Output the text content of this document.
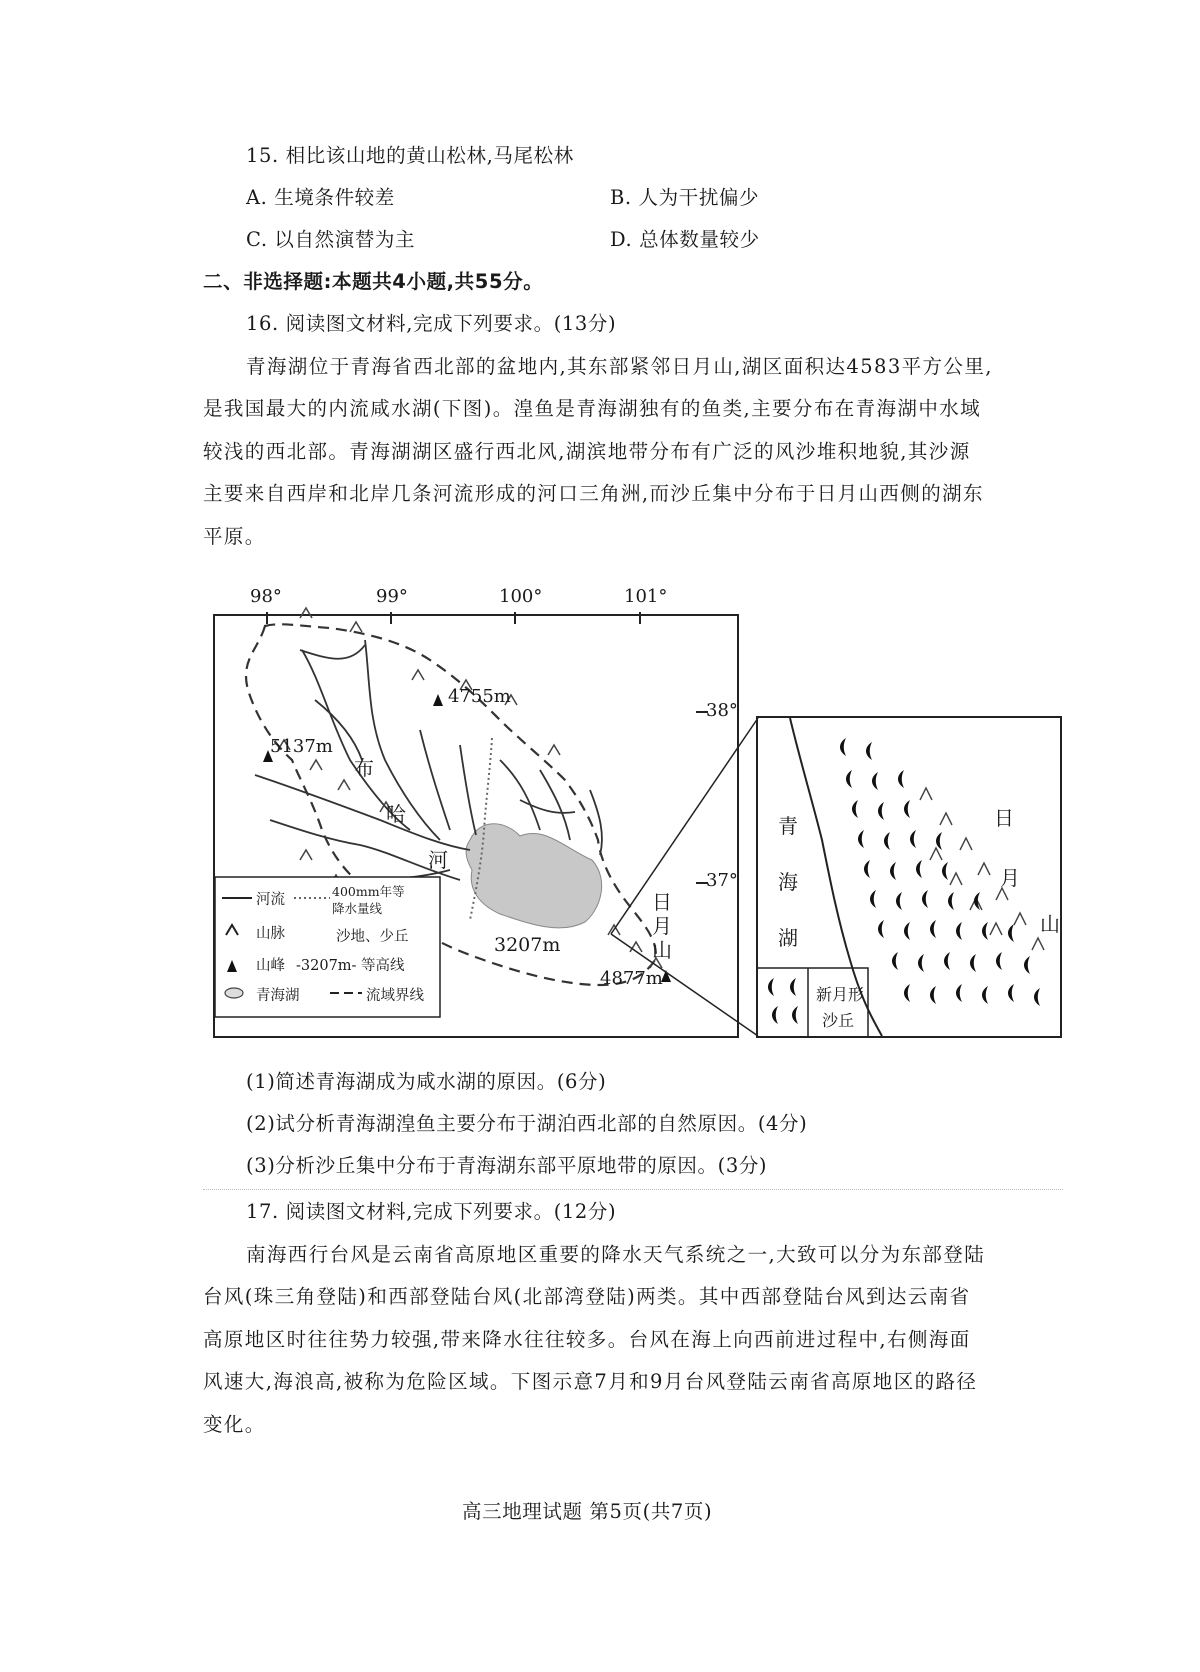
15. 相比该山地的黄山松林,马尾松林
A. 生境条件较差	B. 人为干扰偏少
C. 以自然演替为主	D. 总体数量较少
二、非选择题:本题共4小题,共55分。
16. 阅读图文材料,完成下列要求。(13分)
青海湖位于青海省西北部的盆地内,其东部紧邻日月山,湖区面积达4583平方公里,
是我国最大的内流咸水湖(下图)。湟鱼是青海湖独有的鱼类,主要分布在青海湖中水域
较浅的西北部。青海湖湖区盛行西北风,湖滨地带分布有广泛的风沙堆积地貌,其沙源
主要来自西岸和北岸几条河流形成的河口三角洲,而沙丘集中分布于日月山西侧的湖东
平原。
98°	99°	100°	101°
38°
37°
4755m
5137m
4877m
3207m
布
哈
河
日
月
山
河流
400mm年等
降水量线
山脉	沙地、少丘
山峰 -3207m- 等高线
青海湖	流域界线
青
海
湖
日
月
山
新月形
沙丘
(1)简述青海湖成为咸水湖的原因。(6分)
(2)试分析青海湖湟鱼主要分布于湖泊西北部的自然原因。(4分)
(3)分析沙丘集中分布于青海湖东部平原地带的原因。(3分)
17. 阅读图文材料,完成下列要求。(12分)
南海西行台风是云南省高原地区重要的降水天气系统之一,大致可以分为东部登陆
台风(珠三角登陆)和西部登陆台风(北部湾登陆)两类。其中西部登陆台风到达云南省
高原地区时往往势力较强,带来降水往往较多。台风在海上向西前进过程中,右侧海面
风速大,海浪高,被称为危险区域。下图示意7月和9月台风登陆云南省高原地区的路径
变化。
高三地理试题 第5页(共7页)
